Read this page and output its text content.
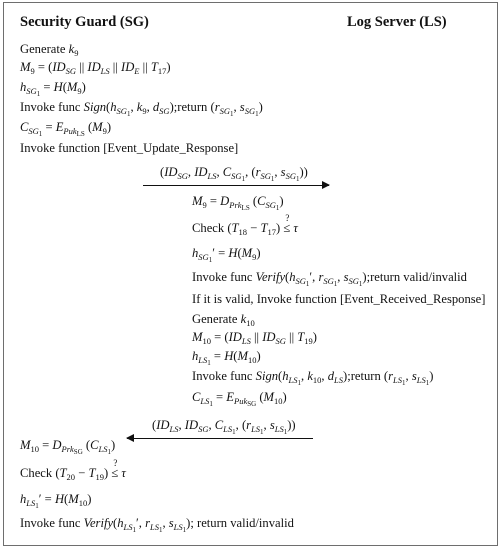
Security Guard (SG)	Log Server (LS)
Generate $k_9$
$M_9 = (ID_{SG}$ || $ID_{LS}$ || $ID_E$ || $T_{17}$)
$h_{SG_1} = H(M_9)$
Invoke func $Sign(h_{SG_1}$, $k_9$, $d_{SG});return$ ($r_{SG_1}$, $s_{SG_1}$)
$C_{SG_1} = E_{Puk_{LS}}$ $(M_9)$
Invoke function [Event_Update_Response]
($ID_{SG}$, $ID_{LS}$, $C_{SG_1}$, ($r_{SG_1}$, $s_{SG_1}$))
$M_9 = D_{Prk_{LS}}$ $(C_{SG_1})$
Check $(T_{18} - T_{17})$ ≤
?
τ
$h_{SG_1}' = H(M_9)$
Invoke func $Verify(h_{SG_1}'$, $r_{SG_1}$, $s_{SG_1});return$ valid/invalid
If it is valid, Invoke function [Event_Received_Response]
Generate $k_{10}$
$M_{10} = (ID_{LS}$ || $ID_{SG}$ || $T_{19}$)
$h_{LS_1} = H(M_{10})$
Invoke func $Sign(h_{LS_1}$, $k_{10}$, $d_{LS});return$ ($r_{LS_1}$, $s_{LS_1}$)
$C_{LS_1} = E_{Puk_{SG}}$ $(M_{10})$
($ID_{LS}$, $ID_{SG}$, $C_{LS_1}$, ($r_{LS_1}$, $s_{LS_1}$))
$M_{10} = D_{Prk_{SG}}$ $(C_{LS_1})$
Check $(T_{20} - T_{19})$ ≤
?
τ
$h_{LS_1}' = H(M_{10})$
Invoke func $Verify(h_{LS_1}'$, $r_{LS_1}$, $s_{LS_1}$); return valid/invalid
